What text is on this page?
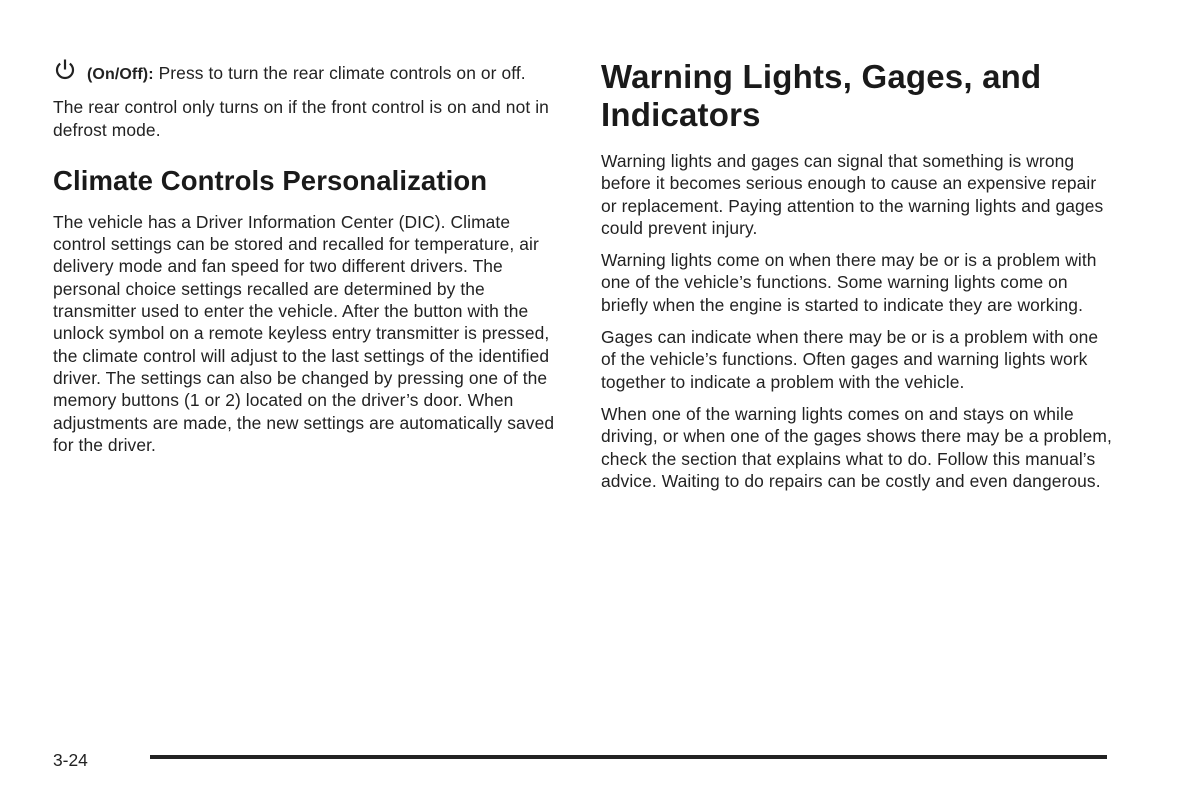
(On/Off): Press to turn the rear climate controls on or off.

The rear control only turns on if the front control is on and not in defrost mode.

Climate Controls Personalization

The vehicle has a Driver Information Center (DIC). Climate control settings can be stored and recalled for temperature, air delivery mode and fan speed for two different drivers. The personal choice settings recalled are determined by the transmitter used to enter the vehicle. After the button with the unlock symbol on a remote keyless entry transmitter is pressed, the climate control will adjust to the last settings of the identified driver. The settings can also be changed by pressing one of the memory buttons (1 or 2) located on the driver’s door. When adjustments are made, the new settings are automatically saved for the driver.

Warning Lights, Gages, and Indicators

Warning lights and gages can signal that something is wrong before it becomes serious enough to cause an expensive repair or replacement. Paying attention to the warning lights and gages could prevent injury.

Warning lights come on when there may be or is a problem with one of the vehicle’s functions. Some warning lights come on briefly when the engine is started to indicate they are working.

Gages can indicate when there may be or is a problem with one of the vehicle’s functions. Often gages and warning lights work together to indicate a problem with the vehicle.

When one of the warning lights comes on and stays on while driving, or when one of the gages shows there may be a problem, check the section that explains what to do. Follow this manual’s advice. Waiting to do repairs can be costly and even dangerous.

3-24
